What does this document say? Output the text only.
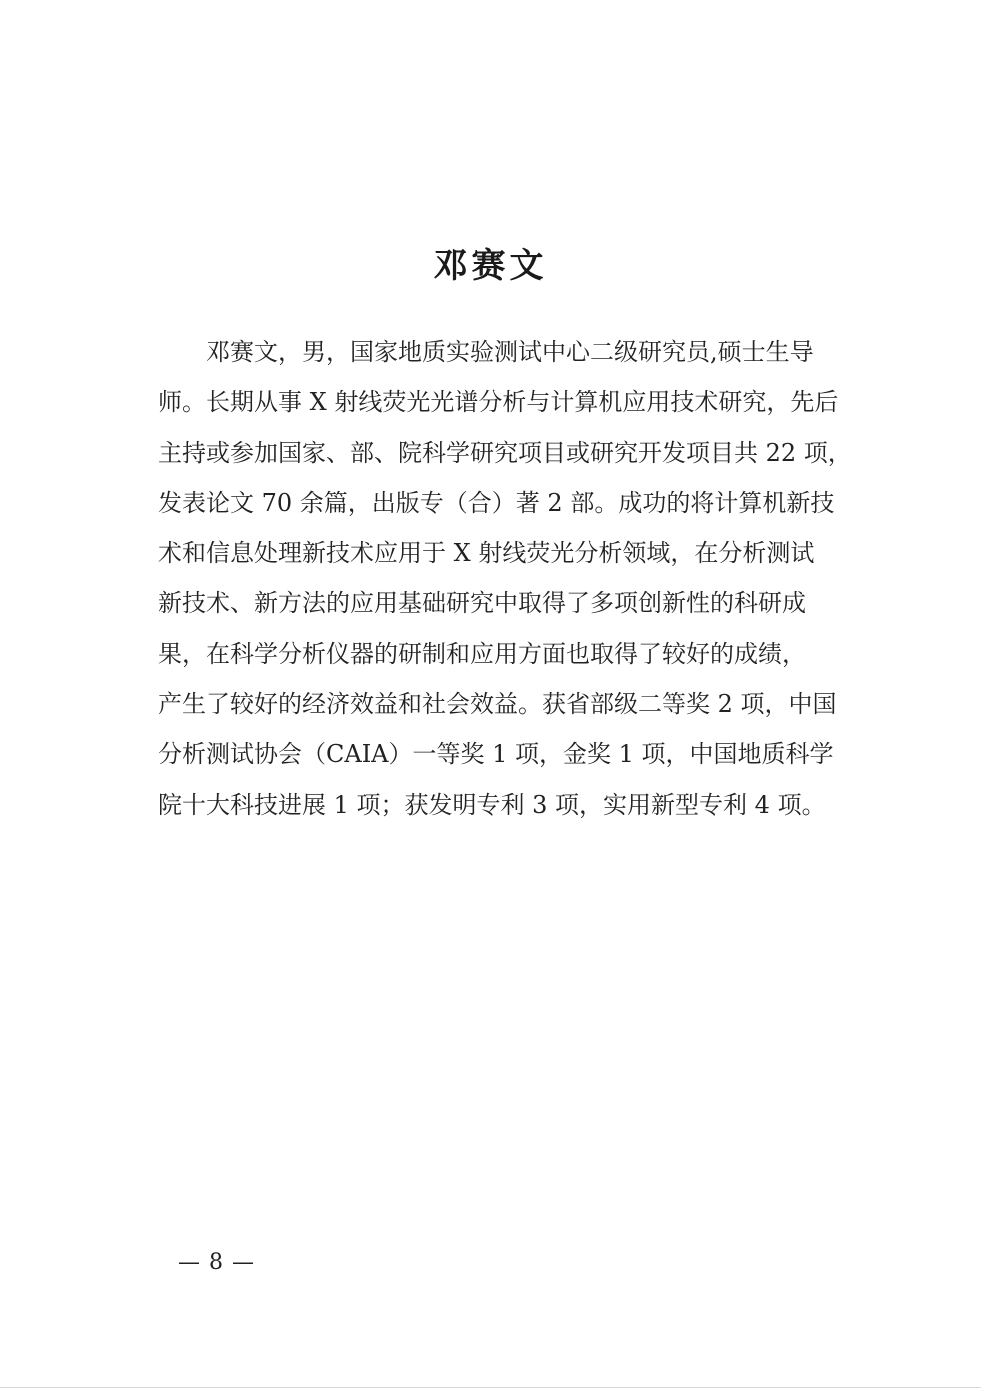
邓赛文
邓赛文，男，国家地质实验测试中心二级研究员,硕士生导
师。长期从事 X 射线荧光光谱分析与计算机应用技术研究，先后
主持或参加国家、部、院科学研究项目或研究开发项目共 22 项，
发表论文 70 余篇，出版专（合）著 2 部。成功的将计算机新技
术和信息处理新技术应用于 X 射线荧光分析领域，在分析测试
新技术、新方法的应用基础研究中取得了多项创新性的科研成
果，在科学分析仪器的研制和应用方面也取得了较好的成绩，
产生了较好的经济效益和社会效益。获省部级二等奖 2 项，中国
分析测试协会（CAIA）一等奖 1 项，金奖 1 项，中国地质科学
院十大科技进展 1 项；获发明专利 3 项，实用新型专利 4 项。
— 8 —
